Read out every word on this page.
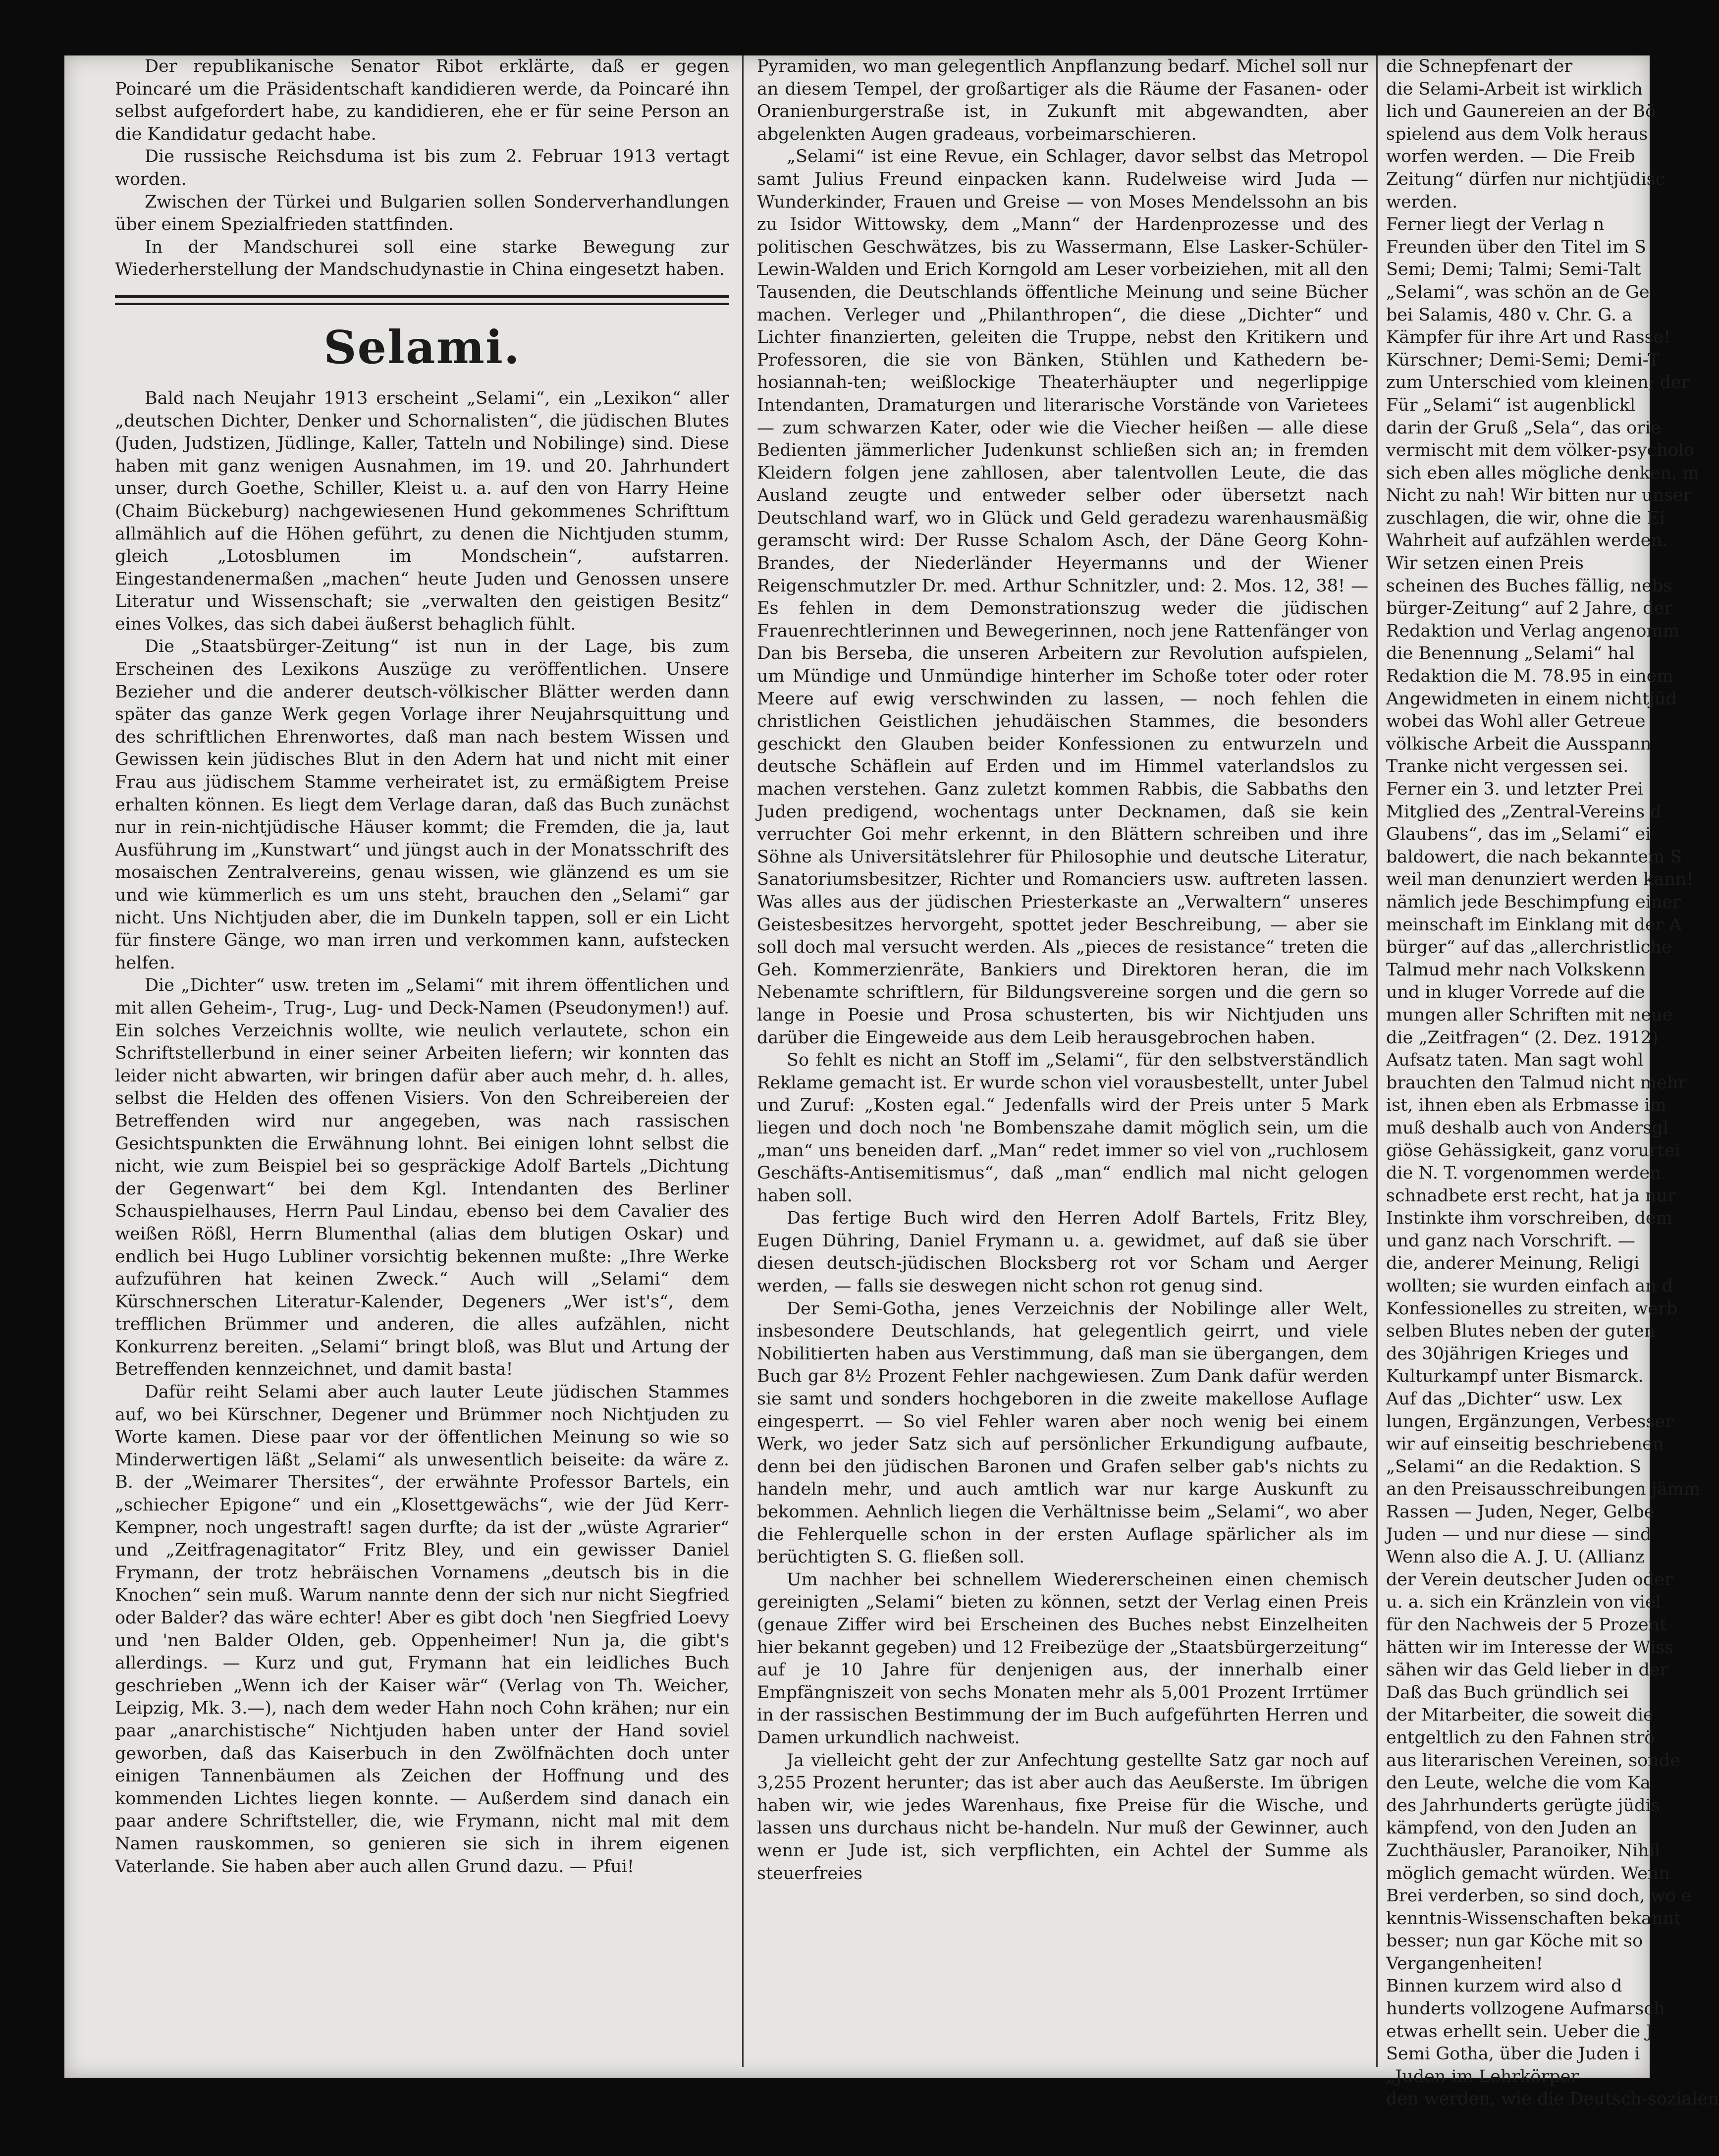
Der republikanische Senator Ribot erklärte, daß er gegen Poincaré um die Präsidentschaft kandidieren werde, da Poincaré ihn selbst aufgefordert habe, zu kandidieren, ehe er für seine Person an die Kandidatur gedacht habe.

Die russische Reichsduma ist bis zum 2. Februar 1913 vertagt worden.

Zwischen der Türkei und Bulgarien sollen Sonderverhandlungen über einem Spezialfrieden stattfinden.

In der Mandschurei soll eine starke Bewegung zur Wiederherstellung der Mandschudynastie in China eingesetzt haben.

Selami.

Bald nach Neujahr 1913 erscheint „Selami“, ein „Lexikon“ aller „deutschen Dichter, Denker und Schornalisten“, die jüdischen Blutes (Juden, Judstizen, Jüdlinge, Kaller, Tatteln und Nobilinge) sind. Diese haben mit ganz wenigen Ausnahmen, im 19. und 20. Jahrhundert unser, durch Goethe, Schiller, Kleist u. a. auf den von Harry Heine (Chaim Bückeburg) nachgewiesenen Hund gekommenes Schrifttum allmählich auf die Höhen geführt, zu denen die Nichtjuden stumm, gleich „Lotosblumen im Mondschein“, aufstarren. Eingestandenermaßen „machen“ heute Juden und Genossen unsere Literatur und Wissenschaft; sie „verwalten den geistigen Besitz“ eines Volkes, das sich dabei äußerst behaglich fühlt.

Die „Staatsbürger-Zeitung“ ist nun in der Lage, bis zum Erscheinen des Lexikons Auszüge zu veröffentlichen. Unsere Bezieher und die anderer deutsch-völkischer Blätter werden dann später das ganze Werk gegen Vorlage ihrer Neujahrsquittung und des schriftlichen Ehrenwortes, daß man nach bestem Wissen und Gewissen kein jüdisches Blut in den Adern hat und nicht mit einer Frau aus jüdischem Stamme verheiratet ist, zu ermäßigtem Preise erhalten können. Es liegt dem Verlage daran, daß das Buch zunächst nur in rein-nichtjüdische Häuser kommt; die Fremden, die ja, laut Ausführung im „Kunstwart“ und jüngst auch in der Monatsschrift des mosaischen Zentralvereins, genau wissen, wie glänzend es um sie und wie kümmerlich es um uns steht, brauchen den „Selami“ gar nicht. Uns Nichtjuden aber, die im Dunkeln tappen, soll er ein Licht für finstere Gänge, wo man irren und verkommen kann, aufstecken helfen.

Die „Dichter“ usw. treten im „Selami“ mit ihrem öffentlichen und mit allen Geheim-, Trug-, Lug- und Deck-Namen (Pseudonymen!) auf. Ein solches Verzeichnis wollte, wie neulich verlautete, schon ein Schriftstellerbund in einer seiner Arbeiten liefern; wir konnten das leider nicht abwarten, wir bringen dafür aber auch mehr, d. h. alles, selbst die Helden des offenen Visiers. Von den Schreibereien der Betreffenden wird nur angegeben, was nach rassischen Gesichtspunkten die Erwähnung lohnt. Bei einigen lohnt selbst die nicht, wie zum Beispiel bei so gespräckige Adolf Bartels „Dichtung der Gegenwart“ bei dem Kgl. Intendanten des Berliner Schauspielhauses, Herrn Paul Lindau, ebenso bei dem Cavalier des weißen Rößl, Herrn Blumenthal (alias dem blutigen Oskar) und endlich bei Hugo Lubliner vorsichtig bekennen mußte: „Ihre Werke aufzuführen hat keinen Zweck.“ Auch will „Selami“ dem Kürschnerschen Literatur-Kalender, Degeners „Wer ist's“, dem trefflichen Brümmer und anderen, die alles aufzählen, nicht Konkurrenz bereiten. „Selami“ bringt bloß, was Blut und Artung der Betreffenden kennzeichnet, und damit basta!

Dafür reiht Selami aber auch lauter Leute jüdischen Stammes auf, wo bei Kürschner, Degener und Brümmer noch Nichtjuden zu Worte kamen. Diese paar vor der öffentlichen Meinung so wie so Minderwertigen läßt „Selami“ als unwesentlich beiseite: da wäre z. B. der „Weimarer Thersites“, der erwähnte Professor Bartels, ein „schiecher Epigone“ und ein „Klosettgewächs“, wie der Jüd Kerr-Kempner, noch ungestraft! sagen durfte; da ist der „wüste Agrarier“ und „Zeitfragenagitator“ Fritz Bley, und ein gewisser Daniel Frymann, der trotz hebräischen Vornamens „deutsch bis in die Knochen“ sein muß. Warum nannte denn der sich nur nicht Siegfried oder Balder? das wäre echter! Aber es gibt doch 'nen Siegfried Loevy und 'nen Balder Olden, geb. Oppenheimer! Nun ja, die gibt's allerdings. — Kurz und gut, Frymann hat ein leidliches Buch geschrieben „Wenn ich der Kaiser wär“ (Verlag von Th. Weicher, Leipzig, Mk. 3.—), nach dem weder Hahn noch Cohn krähen; nur ein paar „anarchistische“ Nichtjuden haben unter der Hand soviel geworben, daß das Kaiserbuch in den Zwölfnächten doch unter einigen Tannenbäumen als Zeichen der Hoffnung und des kommenden Lichtes liegen konnte. — Außerdem sind danach ein paar andere Schriftsteller, die, wie Frymann, nicht mal mit dem Namen rauskommen, so genieren sie sich in ihrem eigenen Vaterlande. Sie haben aber auch allen Grund dazu. — Pfui!

Pyramiden, wo man gelegentlich Anpflanzung bedarf. Michel soll nur an diesem Tempel, der großartiger als die Räume der Fasanen- oder Oranienburgerstraße ist, in Zukunft mit abgewandten, aber abgelenkten Augen gradeaus, vorbeimarschieren.

„Selami“ ist eine Revue, ein Schlager, davor selbst das Metropol samt Julius Freund einpacken kann. Rudelweise wird Juda — Wunderkinder, Frauen und Greise — von Moses Mendelssohn an bis zu Isidor Wittowsky, dem „Mann“ der Hardenprozesse und des politischen Geschwätzes, bis zu Wassermann, Else Lasker-Schüler-Lewin-Walden und Erich Korngold am Leser vorbeiziehen, mit all den Tausenden, die Deutschlands öffentliche Meinung und seine Bücher machen. Verleger und „Philanthropen“, die diese „Dichter“ und Lichter finanzierten, geleiten die Truppe, nebst den Kritikern und Professoren, die sie von Bänken, Stühlen und Kathedern be-hosiannah-ten; weißlockige Theaterhäupter und negerlippige Intendanten, Dramaturgen und literarische Vorstände von Varietees — zum schwarzen Kater, oder wie die Viecher heißen — alle diese Bedienten jämmerlicher Judenkunst schließen sich an; in fremden Kleidern folgen jene zahllosen, aber talentvollen Leute, die das Ausland zeugte und entweder selber oder übersetzt nach Deutschland warf, wo in Glück und Geld geradezu warenhausmäßig geramscht wird: Der Russe Schalom Asch, der Däne Georg Kohn-Brandes, der Niederländer Heyermanns und der Wiener Reigenschmutzler Dr. med. Arthur Schnitzler, und: 2. Mos. 12, 38! — Es fehlen in dem Demonstrationszug weder die jüdischen Frauenrechtlerinnen und Bewegerinnen, noch jene Rattenfänger von Dan bis Berseba, die unseren Arbeitern zur Revolution aufspielen, um Mündige und Unmündige hinterher im Schoße toter oder roter Meere auf ewig verschwinden zu lassen, — noch fehlen die christlichen Geistlichen jehudäischen Stammes, die besonders geschickt den Glauben beider Konfessionen zu entwurzeln und deutsche Schäflein auf Erden und im Himmel vaterlandslos zu machen verstehen. Ganz zuletzt kommen Rabbis, die Sabbaths den Juden predigend, wochentags unter Decknamen, daß sie kein verruchter Goi mehr erkennt, in den Blättern schreiben und ihre Söhne als Universitätslehrer für Philosophie und deutsche Literatur, Sanatoriumsbesitzer, Richter und Romanciers usw. auftreten lassen. Was alles aus der jüdischen Priesterkaste an „Verwaltern“ unseres Geistesbesitzes hervorgeht, spottet jeder Beschreibung, — aber sie soll doch mal versucht werden. Als „pieces de resistance“ treten die Geh. Kommerzienräte, Bankiers und Direktoren heran, die im Nebenamte schriftlern, für Bildungsvereine sorgen und die gern so lange in Poesie und Prosa schusterten, bis wir Nichtjuden uns darüber die Eingeweide aus dem Leib herausgebrochen haben.

So fehlt es nicht an Stoff im „Selami“, für den selbstverständlich Reklame gemacht ist. Er wurde schon viel vorausbestellt, unter Jubel und Zuruf: „Kosten egal.“ Jedenfalls wird der Preis unter 5 Mark liegen und doch noch 'ne Bombenszahe damit möglich sein, um die „man“ uns beneiden darf. „Man“ redet immer so viel von „ruchlosem Geschäfts-Antisemitismus“, daß „man“ endlich mal nicht gelogen haben soll.

Das fertige Buch wird den Herren Adolf Bartels, Fritz Bley, Eugen Dühring, Daniel Frymann u. a. gewidmet, auf daß sie über diesen deutsch-jüdischen Blocksberg rot vor Scham und Aerger werden, — falls sie deswegen nicht schon rot genug sind.

Der Semi-Gotha, jenes Verzeichnis der Nobilinge aller Welt, insbesondere Deutschlands, hat gelegentlich geirrt, und viele Nobilitierten haben aus Verstimmung, daß man sie übergangen, dem Buch gar 8½ Prozent Fehler nachgewiesen. Zum Dank dafür werden sie samt und sonders hochgeboren in die zweite makellose Auflage eingesperrt. — So viel Fehler waren aber noch wenig bei einem Werk, wo jeder Satz sich auf persönlicher Erkundigung aufbaute, denn bei den jüdischen Baronen und Grafen selber gab's nichts zu handeln mehr, und auch amtlich war nur karge Auskunft zu bekommen. Aehnlich liegen die Verhältnisse beim „Selami“, wo aber die Fehlerquelle schon in der ersten Auflage spärlicher als im berüchtigten S. G. fließen soll.

Um nachher bei schnellem Wiedererscheinen einen chemisch gereinigten „Selami“ bieten zu können, setzt der Verlag einen Preis (genaue Ziffer wird bei Erscheinen des Buches nebst Einzelheiten hier bekannt gegeben) und 12 Freibezüge der „Staatsbürgerzeitung“ auf je 10 Jahre für denjenigen aus, der innerhalb einer Empfängniszeit von sechs Monaten mehr als 5,001 Prozent Irrtümer in der rassischen Bestimmung der im Buch aufgeführten Herren und Damen urkundlich nachweist.

Ja vielleicht geht der zur Anfechtung gestellte Satz gar noch auf 3,255 Prozent herunter; das ist aber auch das Aeußerste. Im übrigen haben wir, wie jedes Warenhaus, fixe Preise für die Wische, und lassen uns durchaus nicht be-handeln. Nur muß der Gewinner, auch wenn er Jude ist, sich verpflichten, ein Achtel der Summe als steuerfreies

die Schnepfenart der

die Selami-Arbeit ist wirklich

lich und Gaunereien an der Bö

spielend aus dem Volk heraus

worfen werden. — Die Freib

Zeitung“ dürfen nur nichtjüdisc

werden.

Ferner liegt der Verlag n

Freunden über den Titel im S

Semi; Demi; Talmi; Semi-Talt

„Selami“, was schön an de Ge

bei Salamis, 480 v. Chr. G. a

Kämpfer für ihre Art und Rasse!

Kürschner; Demi-Semi; Demi-T

zum Unterschied vom kleinen; der

Für „Selami“ ist augenblickl

darin der Gruß „Sela“, das orie

vermischt mit dem völker-psycholo

sich eben alles mögliche denken, m

Nicht zu nah! Wir bitten nur unser

zuschlagen, die wir, ohne die Ei

Wahrheit auf aufzählen werden.

Wir setzen einen Preis

scheinen des Buches fällig, nebs

bürger-Zeitung“ auf 2 Jahre, der

Redaktion und Verlag angenomm

die Benennung „Selami“ hal

Redaktion die M. 78.95 in einem

Angewidmeten in einem nichtjüd

wobei das Wohl aller Getreue

völkische Arbeit die Ausspann

Tranke nicht vergessen sei.

Ferner ein 3. und letzter Prei

Mitglied des „Zentral-Vereins d

Glaubens“, das im „Selami“ ei

baldowert, die nach bekanntem S

weil man denunziert werden kann!

nämlich jede Beschimpfung einer

meinschaft im Einklang mit der A

bürger“ auf das „allerchristliche

Talmud mehr nach Volkskenn

und in kluger Vorrede auf die

mungen aller Schriften mit neue

die „Zeitfragen“ (2. Dez. 1912)

Aufsatz taten. Man sagt wohl

brauchten den Talmud nicht mehr

ist, ihnen eben als Erbmasse im

muß deshalb auch von Andersgl

giöse Gehässigkeit, ganz vorurtei

die N. T. vorgenommen werden

schnadbete erst recht, hat ja nur

Instinkte ihm vorschreiben, dem

und ganz nach Vorschrift. —

die, anderer Meinung, Religi

wollten; sie wurden einfach an d

Konfessionelles zu streiten, werb

selben Blutes neben der guten

des 30jährigen Krieges und

Kulturkampf unter Bismarck.

Auf das „Dichter“ usw. Lex

lungen, Ergänzungen, Verbesser

wir auf einseitig beschriebenen

„Selami“ an die Redaktion. S

an den Preisausschreibungen jämm

Rassen — Juden, Neger, Gelbe

Juden — und nur diese — sind

Wenn also die A. J. U. (Allianz

der Verein deutscher Juden oder

u. a. sich ein Kränzlein von viel

für den Nachweis der 5 Prozent

hätten wir im Interesse der Wiss

sähen wir das Geld lieber in der

Daß das Buch gründlich sei

der Mitarbeiter, die soweit die

entgeltlich zu den Fahnen strö

aus literarischen Vereinen, sonde

den Leute, welche die vom Ka

des Jahrhunderts gerügte jüdis

kämpfend, von den Juden an

Zuchthäusler, Paranoiker, Nihil

möglich gemacht würden. Wenn

Brei verderben, so sind doch, wo e

kenntnis-Wissenschaften bekannt

besser; nun gar Köche mit so

Vergangenheiten!

Binnen kurzem wird also d

hunderts vollzogene Aufmarsch

etwas erhellt sein. Ueber die J

Semi Gotha, über die Juden i

„Juden im Lehrkörper

den werden, wie die Deutsch-sozialen
